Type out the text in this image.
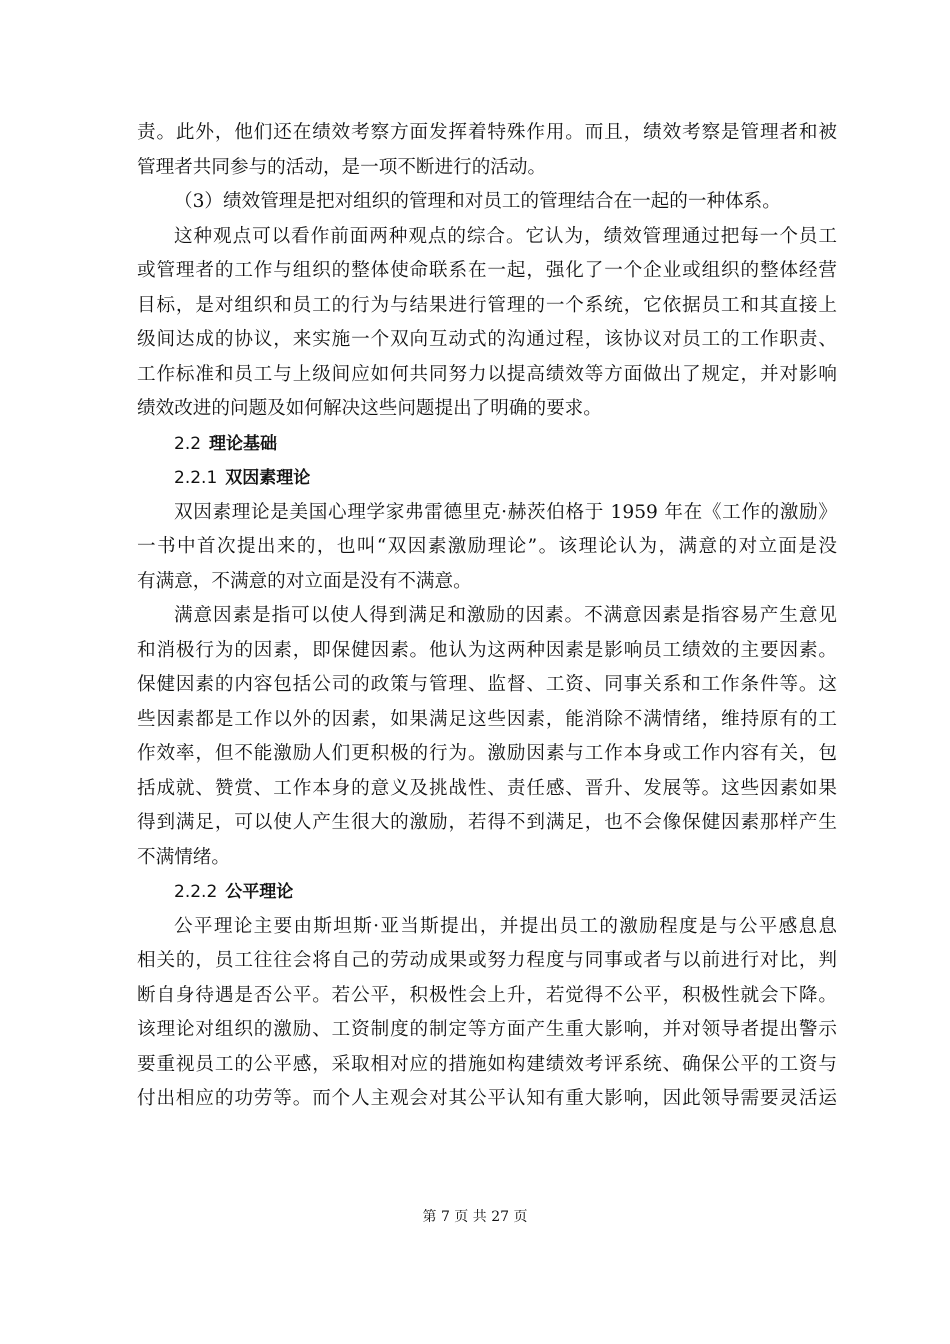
责。此外，他们还在绩效考察方面发挥着特殊作用。而且，绩效考察是管理者和被
管理者共同参与的活动，是一项不断进行的活动。
（3）绩效管理是把对组织的管理和对员工的管理结合在一起的一种体系。
这种观点可以看作前面两种观点的综合。它认为，绩效管理通过把每一个员工
或管理者的工作与组织的整体使命联系在一起，强化了一个企业或组织的整体经营
目标，是对组织和员工的行为与结果进行管理的一个系统，它依据员工和其直接上
级间达成的协议，来实施一个双向互动式的沟通过程，该协议对员工的工作职责、
工作标准和员工与上级间应如何共同努力以提高绩效等方面做出了规定，并对影响
绩效改进的问题及如何解决这些问题提出了明确的要求。
2.2 理论基础
2.2.1 双因素理论
双因素理论是美国心理学家弗雷德里克·赫茨伯格于 1959 年在《工作的激励》
一书中首次提出来的，也叫“双因素激励理论”。该理论认为，满意的对立面是没
有满意，不满意的对立面是没有不满意。
满意因素是指可以使人得到满足和激励的因素。不满意因素是指容易产生意见
和消极行为的因素，即保健因素。他认为这两种因素是影响员工绩效的主要因素。
保健因素的内容包括公司的政策与管理、监督、工资、同事关系和工作条件等。这
些因素都是工作以外的因素，如果满足这些因素，能消除不满情绪，维持原有的工
作效率，但不能激励人们更积极的行为。激励因素与工作本身或工作内容有关，包
括成就、赞赏、工作本身的意义及挑战性、责任感、晋升、发展等。这些因素如果
得到满足，可以使人产生很大的激励，若得不到满足，也不会像保健因素那样产生
不满情绪。
2.2.2 公平理论
公平理论主要由斯坦斯·亚当斯提出，并提出员工的激励程度是与公平感息息
相关的，员工往往会将自己的劳动成果或努力程度与同事或者与以前进行对比，判
断自身待遇是否公平。若公平，积极性会上升，若觉得不公平，积极性就会下降。
该理论对组织的激励、工资制度的制定等方面产生重大影响，并对领导者提出警示
要重视员工的公平感，采取相对应的措施如构建绩效考评系统、确保公平的工资与
付出相应的功劳等。而个人主观会对其公平认知有重大影响，因此领导需要灵活运
第 7 页 共 27 页
